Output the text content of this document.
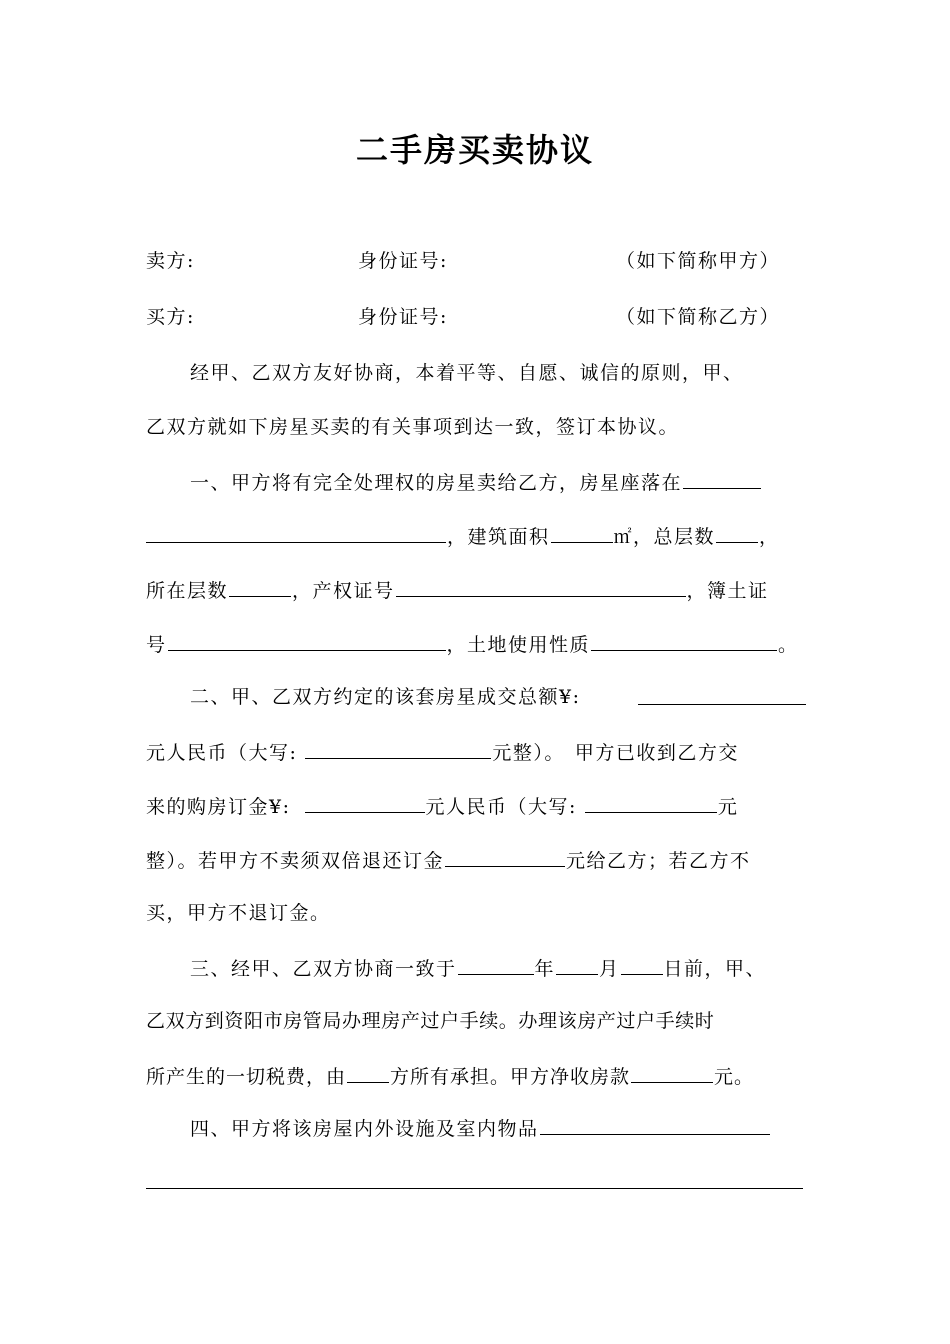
二手房买卖协议
卖方:	身份证号:	（如下简称甲方）
买方:	身份证号:	（如下简称乙方）
经甲、乙双方友好协商，本着平等、自愿、诚信的原则，甲、
乙双方就如下房星买卖的有关事项到达一致，签订本协议。
一、甲方将有完全处理权的房星卖给乙方，房星座落在
，建筑面积	㎡，总层数 ，
所在层数	，产权证号	，簿土证
号	，土地使用性质	。
二、甲、乙双方约定的该套房星成交总额¥:
元人民币（大写:	元整）。 甲方已收到乙方交
来的购房订金¥:	元人民币（大写:	元
整）。若甲方不卖须双倍退还订金	元给乙方；若乙方不
买，甲方不退订金。
三、经甲、乙双方协商一致于	年 月 日前，甲、
乙双方到资阳市房管局办理房产过户手续。办理该房产过户手续时
所产生的一切税费，由 方所有承担。甲方净收房款	元。
四、甲方将该房屋内外设施及室内物品
